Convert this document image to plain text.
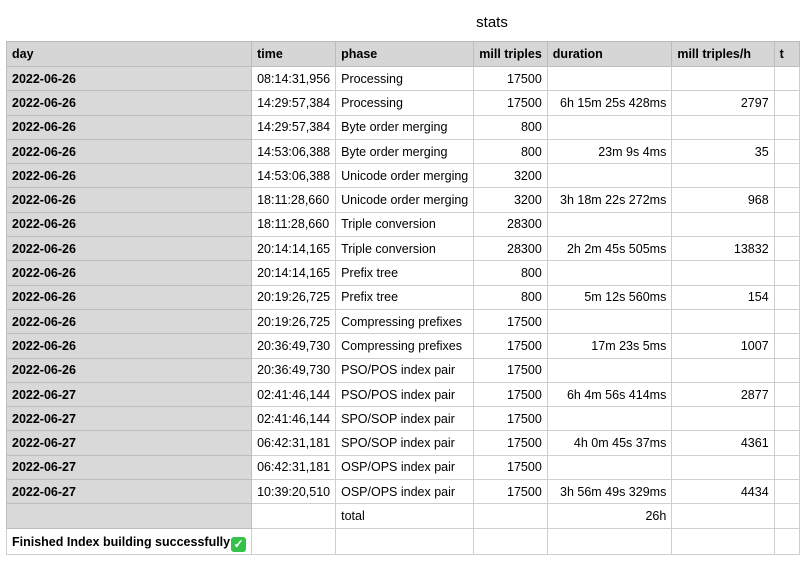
stats
day	time	phase	mill triples	duration	mill triples/h	t
2022-06-26	08:14:31,956	Processing	17500			
2022-06-26	14:29:57,384	Processing	17500	6h 15m 25s 428ms	2797	
2022-06-26	14:29:57,384	Byte order merging	800			
2022-06-26	14:53:06,388	Byte order merging	800	23m 9s 4ms	35	
2022-06-26	14:53:06,388	Unicode order merging	3200			
2022-06-26	18:11:28,660	Unicode order merging	3200	3h 18m 22s 272ms	968	
2022-06-26	18:11:28,660	Triple conversion	28300			
2022-06-26	20:14:14,165	Triple conversion	28300	2h 2m 45s 505ms	13832	
2022-06-26	20:14:14,165	Prefix tree	800			
2022-06-26	20:19:26,725	Prefix tree	800	5m 12s 560ms	154	
2022-06-26	20:19:26,725	Compressing prefixes	17500			
2022-06-26	20:36:49,730	Compressing prefixes	17500	17m 23s 5ms	1007	
2022-06-26	20:36:49,730	PSO/POS index pair	17500			
2022-06-27	02:41:46,144	PSO/POS index pair	17500	6h 4m 56s 414ms	2877	
2022-06-27	02:41:46,144	SPO/SOP index pair	17500			
2022-06-27	06:42:31,181	SPO/SOP index pair	17500	4h 0m 45s 37ms	4361	
2022-06-27	06:42:31,181	OSP/OPS index pair	17500			
2022-06-27	10:39:20,510	OSP/OPS index pair	17500	3h 56m 49s 329ms	4434	
		total		26h		
Finished Index building successfully ✓						
